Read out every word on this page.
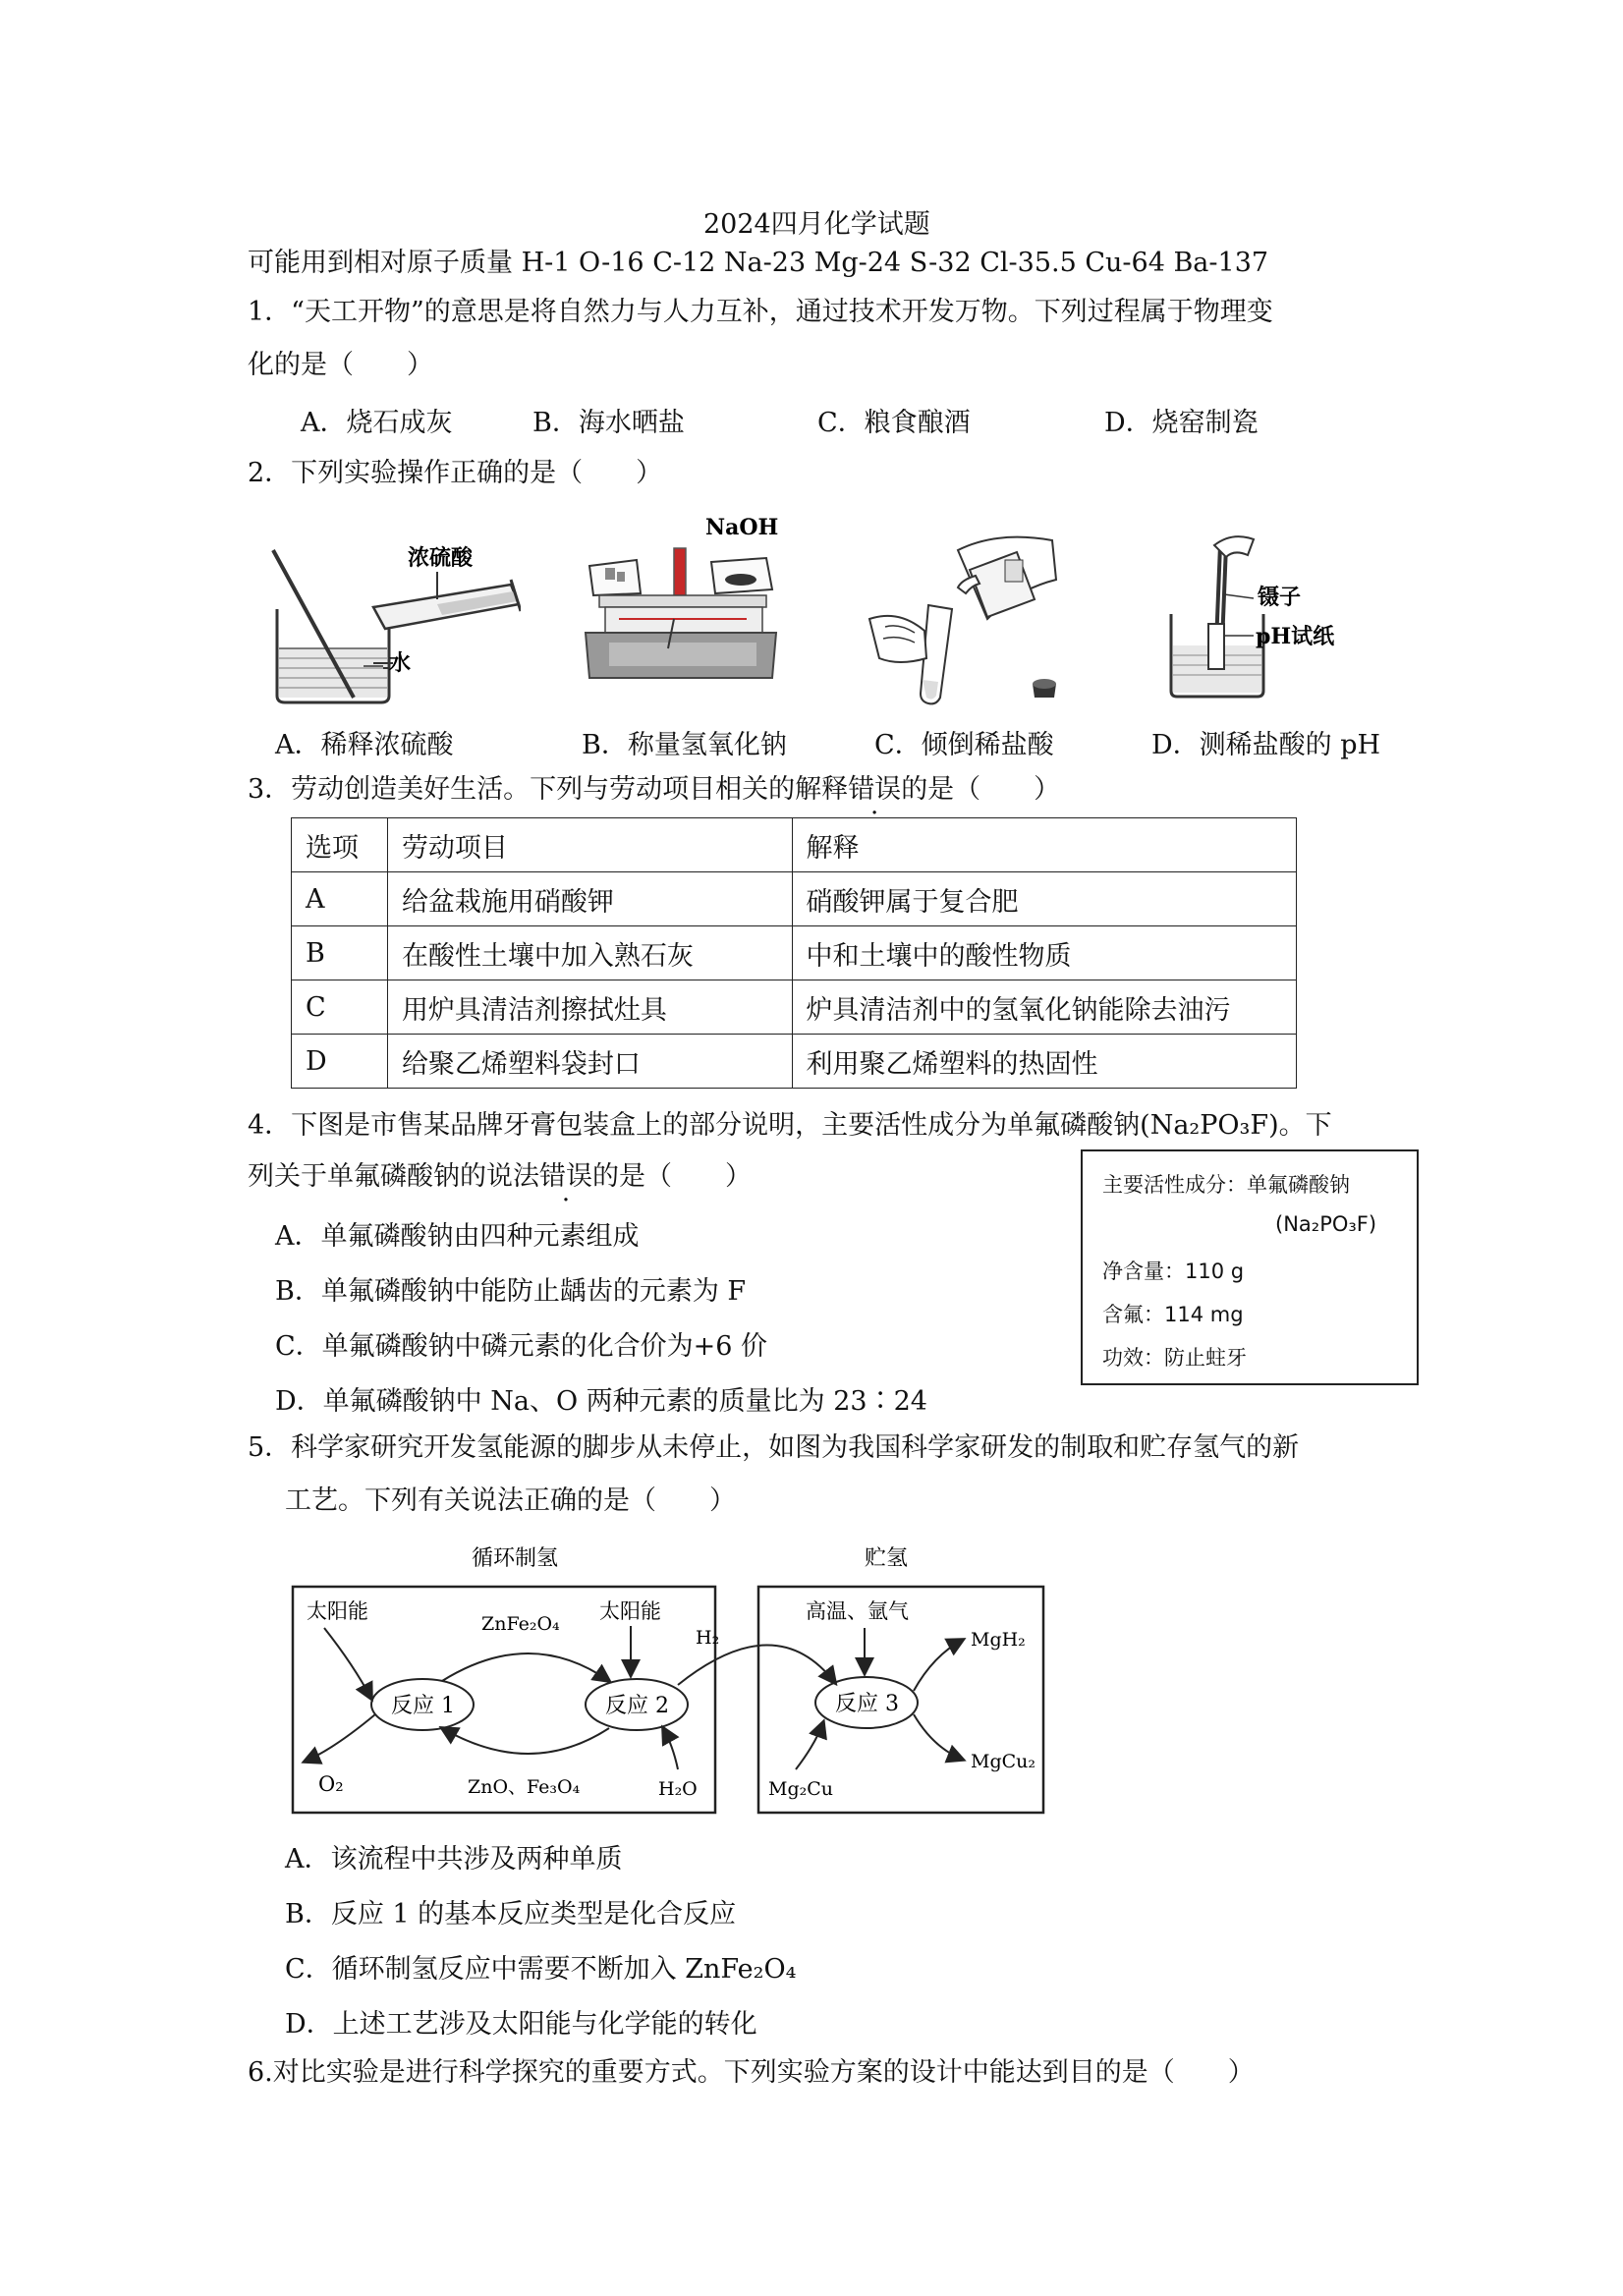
2024四月化学试题
可能用到相对原子质量 H-1 O-16 C-12 Na-23 Mg-24 S-32 Cl-35.5 Cu-64 Ba-137
1．“天工开物”的意思是将自然力与人力互补，通过技术开发万物。下列过程属于物理变
化的是（　　）
A．烧石成灰	B．海水晒盐	C．粮食酿酒	D．烧窑制瓷
2．下列实验操作正确的是（　　）
浓硫酸
水
NaOH
镊子
pH试纸
A．稀释浓硫酸	B．称量氢氧化钠	C．倾倒稀盐酸	D．测稀盐酸的 pH
3．劳动创造美好生活。下列与劳动项目相关的解释错误的是（　　）
选项	劳动项目	解释
A	给盆栽施用硝酸钾	硝酸钾属于复合肥
B	在酸性土壤中加入熟石灰	中和土壤中的酸性物质
C	用炉具清洁剂擦拭灶具	炉具清洁剂中的氢氧化钠能除去油污
D	给聚乙烯塑料袋封口	利用聚乙烯塑料的热固性
4．下图是市售某品牌牙膏包装盒上的部分说明，主要活性成分为单氟磷酸钠(Na₂PO₃F)。下
列关于单氟磷酸钠的说法错误的是（　　）
A．单氟磷酸钠由四种元素组成
B．单氟磷酸钠中能防止龋齿的元素为 F
C．单氟磷酸钠中磷元素的化合价为+6 价
D．单氟磷酸钠中 Na、O 两种元素的质量比为 23∶24
主要活性成分：单氟磷酸钠
(Na₂PO₃F)
净含量：110 g
含氟：114 mg
功效：防止蛀牙
5．科学家研究开发氢能源的脚步从未停止，如图为我国科学家研发的制取和贮存氢气的新
工艺。下列有关说法正确的是（　　）
循环制氢	贮氢
反应 1	反应 2	反应 3
太阳能
O₂
ZnFe₂O₄
ZnO、Fe₃O₄
太阳能
H₂O
H₂
高温、氩气
MgH₂
MgCu₂
Mg₂Cu
A．该流程中共涉及两种单质
B．反应 1 的基本反应类型是化合反应
C．循环制氢反应中需要不断加入 ZnFe₂O₄
D．上述工艺涉及太阳能与化学能的转化
6.对比实验是进行科学探究的重要方式。下列实验方案的设计中能达到目的是（　　）
